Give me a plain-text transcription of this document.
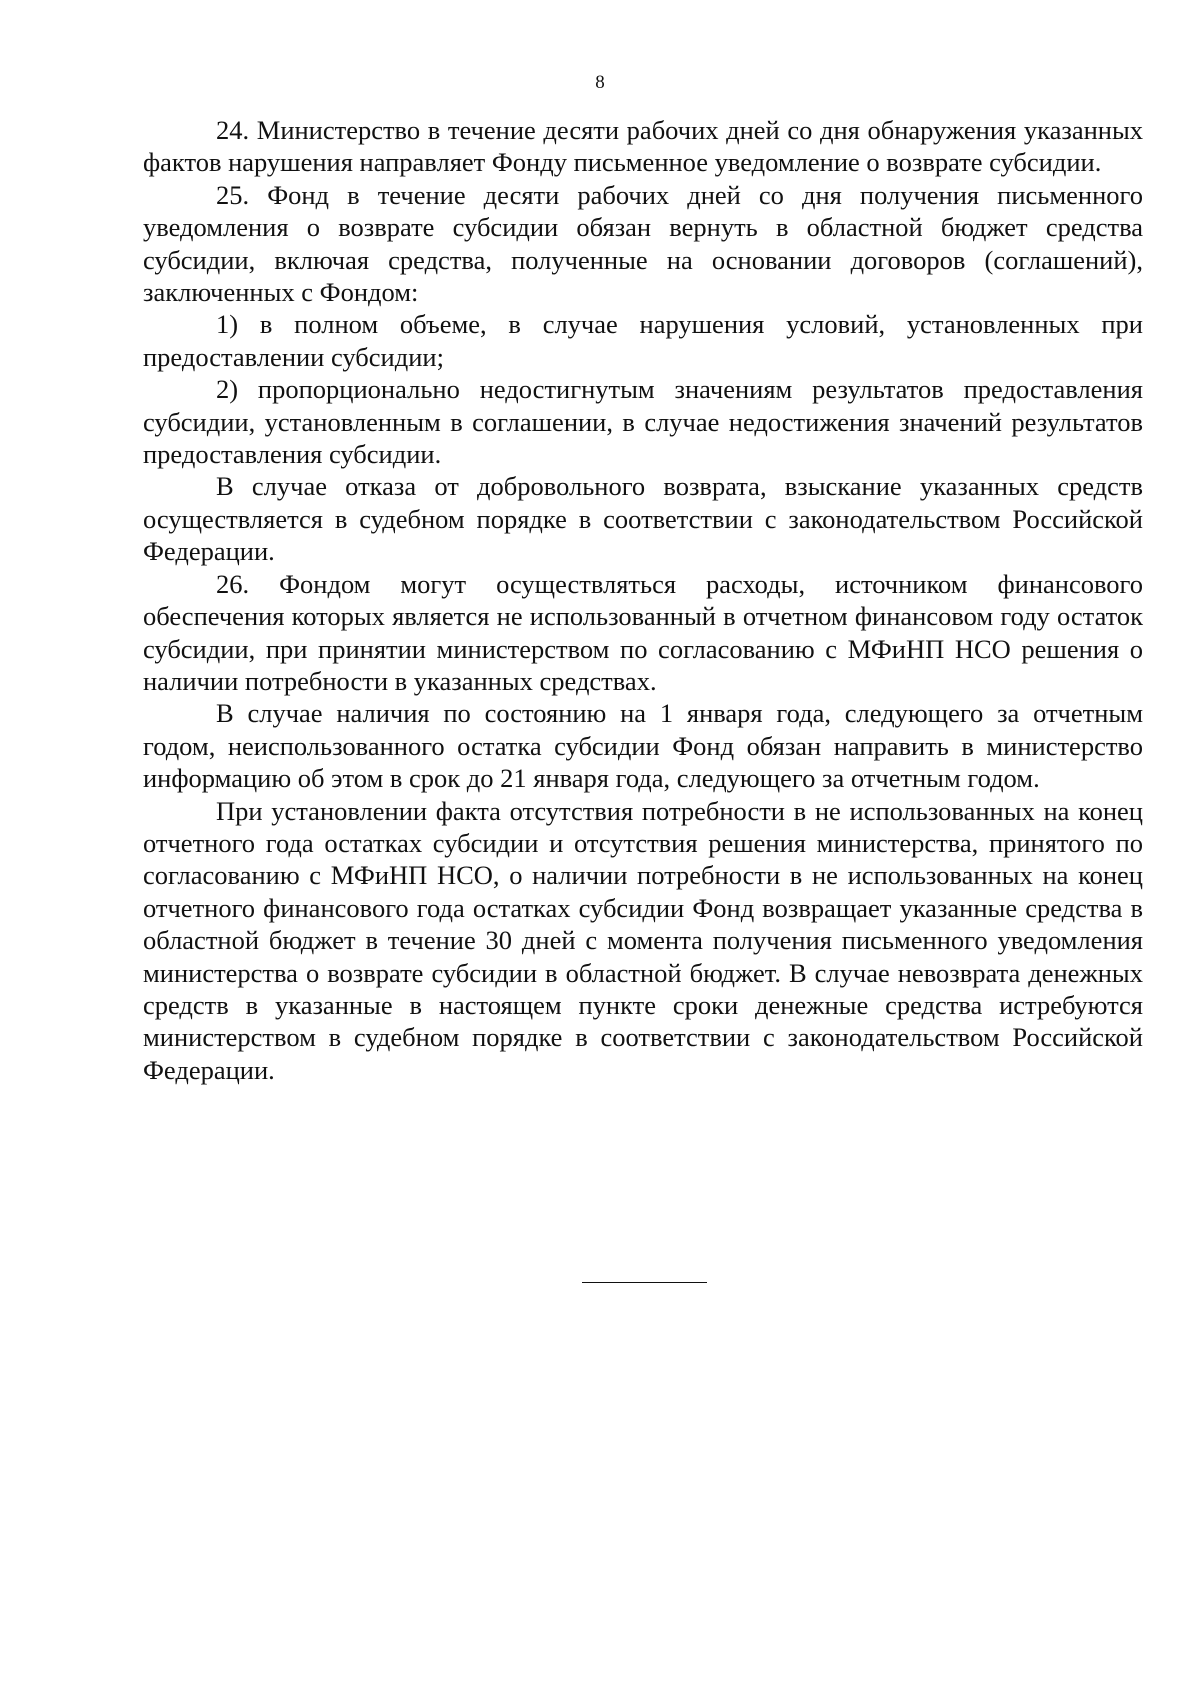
8

24. Министерство в течение десяти рабочих дней со дня обнаружения указанных фактов нарушения направляет Фонду письменное уведомление о возврате субсидии.

25. Фонд в течение десяти рабочих дней со дня получения письменного уведомления о возврате субсидии обязан вернуть в областной бюджет средства субсидии, включая средства, полученные на основании договоров (соглашений), заключенных с Фондом:

1) в полном объеме, в случае нарушения условий, установленных при предоставлении субсидии;

2) пропорционально недостигнутым значениям результатов предоставления субсидии, установленным в соглашении, в случае недостижения значений результатов предоставления субсидии.

В случае отказа от добровольного возврата, взыскание указанных средств осуществляется в судебном порядке в соответствии с законодательством Российской Федерации.

26. Фондом могут осуществляться расходы, источником финансового обеспечения которых является не использованный в отчетном финансовом году остаток субсидии, при принятии министерством по согласованию с МФиНП НСО решения о наличии потребности в указанных средствах.

В случае наличия по состоянию на 1 января года, следующего за отчетным годом, неиспользованного остатка субсидии Фонд обязан направить в министерство информацию об этом в срок до 21 января года, следующего за отчетным годом.

При установлении факта отсутствия потребности в не использованных на конец отчетного года остатках субсидии и отсутствия решения министерства, принятого по согласованию с МФиНП НСО, о наличии потребности в не использованных на конец отчетного финансового года остатках субсидии Фонд возвращает указанные средства в областной бюджет в течение 30 дней с момента получения письменного уведомления министерства о возврате субсидии в областной бюджет. В случае невозврата денежных средств в указанные в настоящем пункте сроки денежные средства истребуются министерством в судебном порядке в соответствии с законодательством Российской Федерации.
